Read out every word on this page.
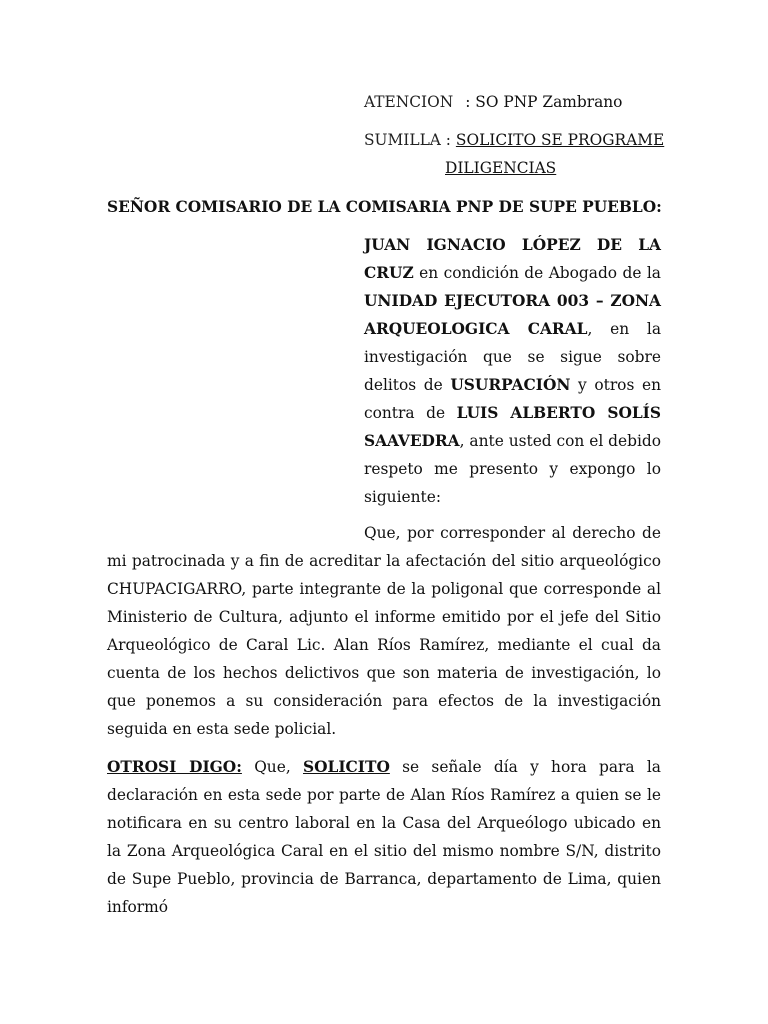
ATENCION : SO PNP Zambrano
SUMILLA : SOLICITO SE PROGRAME
DILIGENCIAS
SEÑOR COMISARIO DE LA COMISARIA PNP DE SUPE PUEBLO:
JUAN IGNACIO LÓPEZ DE LA CRUZ en condición de Abogado de la UNIDAD EJECUTORA 003 – ZONA ARQUEOLOGICA CARAL, en la investigación que se sigue sobre delitos de USURPACIÓN y otros en contra de LUIS ALBERTO SOLÍS SAAVEDRA, ante usted con el debido respeto me presento y expongo lo siguiente:
Que, por corresponder al derecho de mi patrocinada y a fin de acreditar la afectación del sitio arqueológico CHUPACIGARRO, parte integrante de la poligonal que corresponde al Ministerio de Cultura, adjunto el informe emitido por el jefe del Sitio Arqueológico de Caral Lic. Alan Ríos Ramírez, mediante el cual da cuenta de los hechos delictivos que son materia de investigación, lo que ponemos a su consideración para efectos de la investigación seguida en esta sede policial.
OTROSI DIGO: Que, SOLICITO se señale día y hora para la declaración en esta sede por parte de Alan Ríos Ramírez a quien se le notificara en su centro laboral en la Casa del Arqueólogo ubicado en la Zona Arqueológica Caral en el sitio del mismo nombre S/N, distrito de Supe Pueblo, provincia de Barranca, departamento de Lima, quien informó
